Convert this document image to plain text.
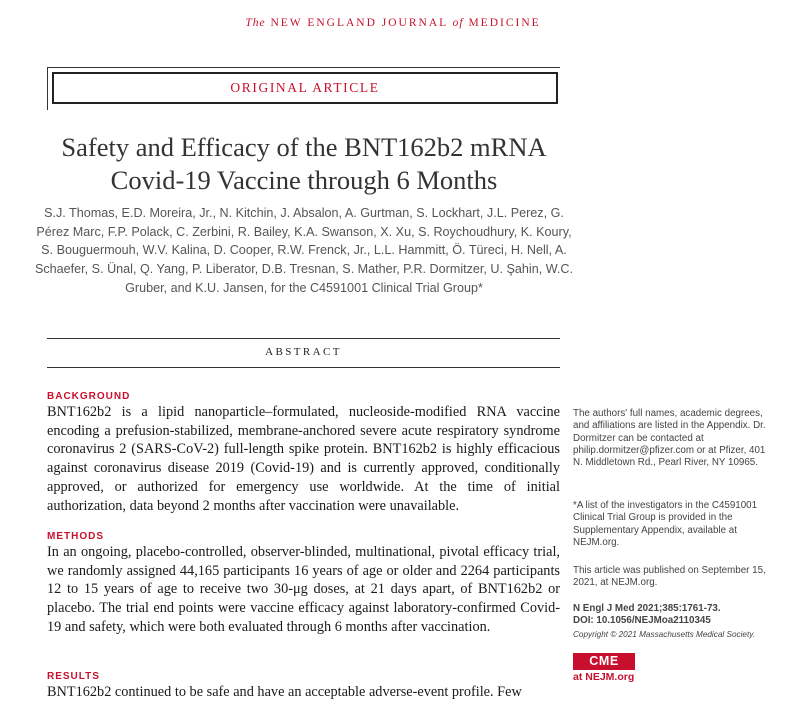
The NEW ENGLAND JOURNAL of MEDICINE
ORIGINAL ARTICLE
Safety and Efficacy of the BNT162b2 mRNA Covid-19 Vaccine through 6 Months
S.J. Thomas, E.D. Moreira, Jr., N. Kitchin, J. Absalon, A. Gurtman, S. Lockhart, J.L. Perez, G. Pérez Marc, F.P. Polack, C. Zerbini, R. Bailey, K.A. Swanson, X. Xu, S. Roychoudhury, K. Koury, S. Bouguermouh, W.V. Kalina, D. Cooper, R.W. Frenck, Jr., L.L. Hammitt, Ö. Türeci, H. Nell, A. Schaefer, S. Ünal, Q. Yang, P. Liberator, D.B. Tresnan, S. Mather, P.R. Dormitzer, U. Şahin, W.C. Gruber, and K.U. Jansen, for the C4591001 Clinical Trial Group*
ABSTRACT
BACKGROUND
BNT162b2 is a lipid nanoparticle–formulated, nucleoside-modified RNA vaccine encoding a prefusion-stabilized, membrane-anchored severe acute respiratory syndrome coronavirus 2 (SARS-CoV-2) full-length spike protein. BNT162b2 is highly efficacious against coronavirus disease 2019 (Covid-19) and is currently approved, conditionally approved, or authorized for emergency use worldwide. At the time of initial authorization, data beyond 2 months after vaccination were unavailable.
METHODS
In an ongoing, placebo-controlled, observer-blinded, multinational, pivotal efficacy trial, we randomly assigned 44,165 participants 16 years of age or older and 2264 participants 12 to 15 years of age to receive two 30-μg doses, at 21 days apart, of BNT162b2 or placebo. The trial end points were vaccine efficacy against laboratory-confirmed Covid-19 and safety, which were both evaluated through 6 months after vaccination.
RESULTS
BNT162b2 continued to be safe and have an acceptable adverse-event profile. Few
The authors' full names, academic degrees, and affiliations are listed in the Appendix. Dr. Dormitzer can be contacted at philip.dormitzer@pfizer.com or at Pfizer, 401 N. Middletown Rd., Pearl River, NY 10965.
*A list of the investigators in the C4591001 Clinical Trial Group is provided in the Supplementary Appendix, available at NEJM.org.
This article was published on September 15, 2021, at NEJM.org.
N Engl J Med 2021;385:1761-73.
DOI: 10.1056/NEJMoa2110345
Copyright © 2021 Massachusetts Medical Society.
CME
at NEJM.org
